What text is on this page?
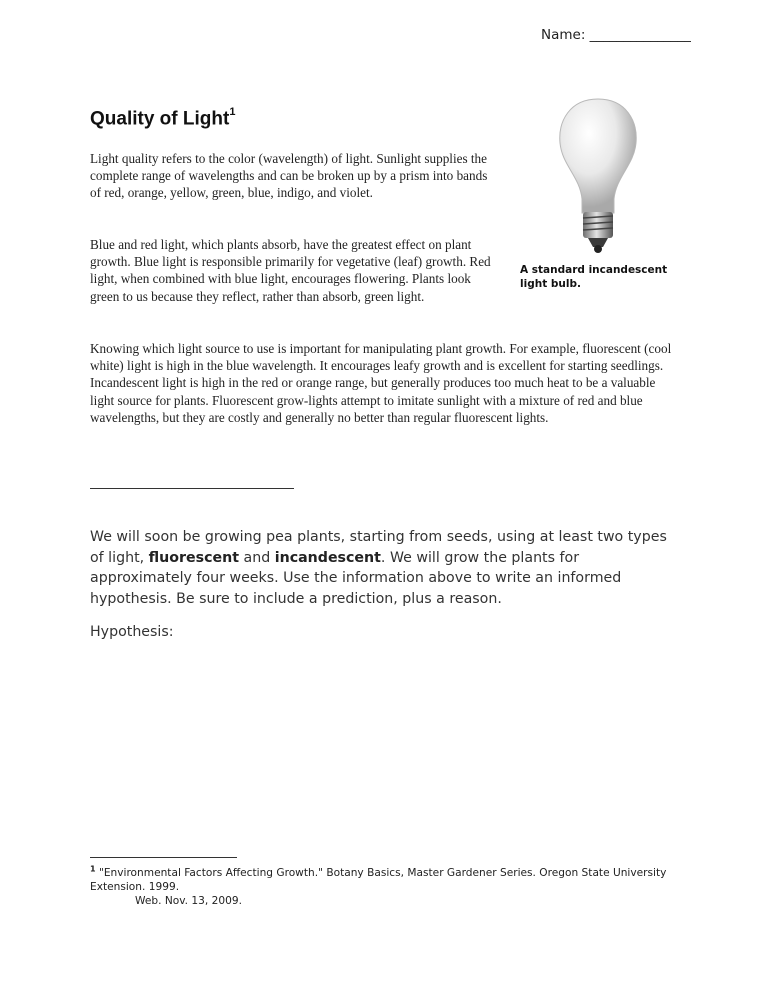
Name: _______________
Quality of Light$^1$

Light quality refers to the color (wavelength) of light. Sunlight supplies the complete range of wavelengths and can be broken up by a prism into bands of red, orange, yellow, green, blue, indigo, and violet.

Blue and red light, which plants absorb, have the greatest effect on plant growth. Blue light is responsible primarily for vegetative (leaf) growth. Red light, when combined with blue light, encourages flowering. Plants look green to us because they reflect, rather than absorb, green light.

A standard incandescent light bulb.

Knowing which light source to use is important for manipulating plant growth. For example, fluorescent (cool white) light is high in the blue wavelength. It encourages leafy growth and is excellent for starting seedlings. Incandescent light is high in the red or orange range, but generally produces too much heat to be a valuable light source for plants. Fluorescent grow-lights attempt to imitate sunlight with a mixture of red and blue wavelengths, but they are costly and generally no better than regular fluorescent lights.

We will soon be growing pea plants, starting from seeds, using at least two types of light, fluorescent and incandescent. We will grow the plants for approximately four weeks. Use the information above to write an informed hypothesis. Be sure to include a prediction, plus a reason.

Hypothesis:
$^1$ "Environmental Factors Affecting Growth." Botany Basics, Master Gardener Series. Oregon State University Extension. 1999.
Web. Nov. 13, 2009.
